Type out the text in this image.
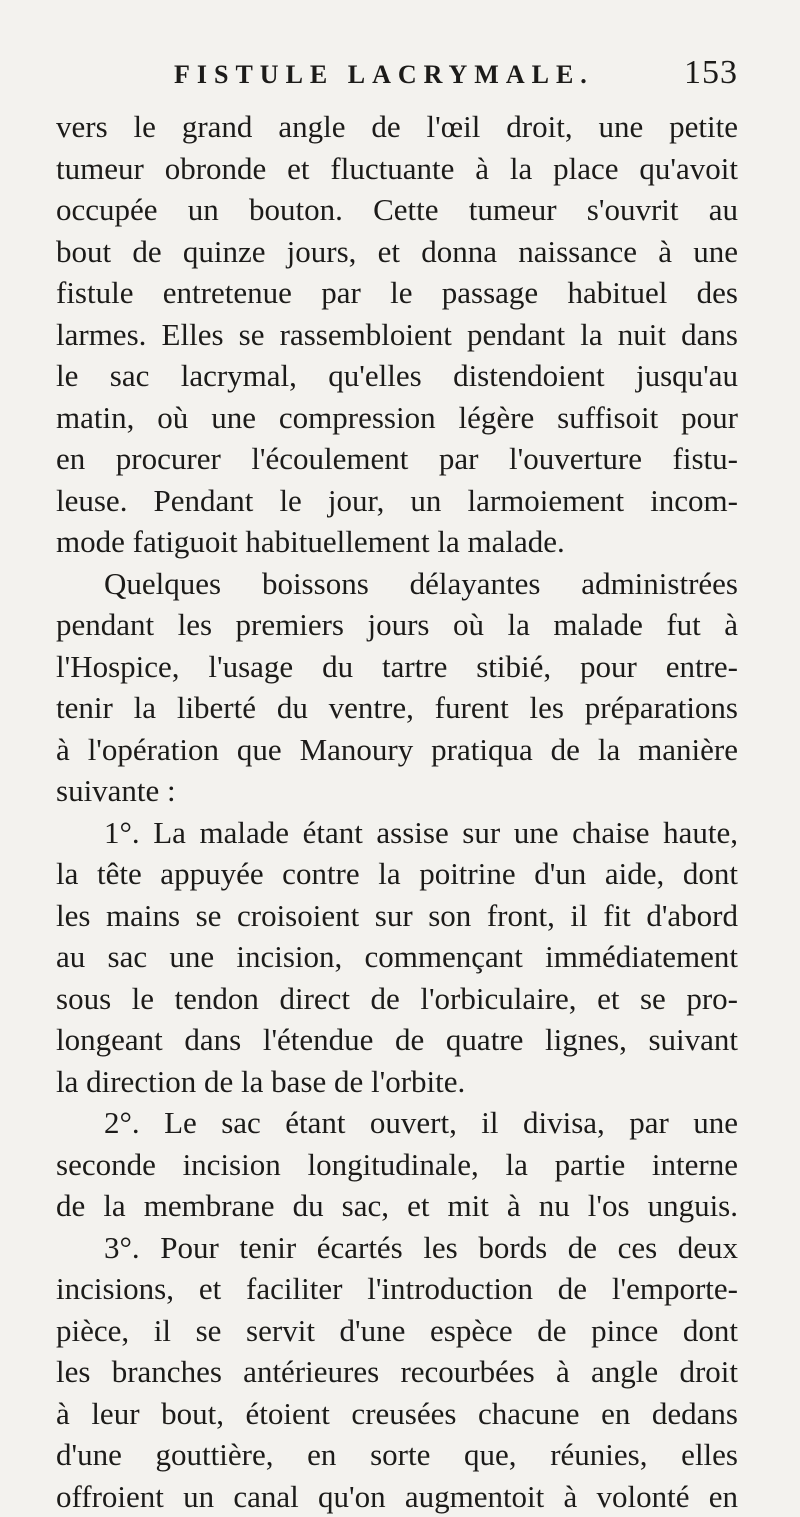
FISTULE LACRYMALE.	153
vers le grand angle de l'œil droit, une petite
tumeur obronde et fluctuante à la place qu'avoit
occupée un bouton. Cette tumeur s'ouvrit au
bout de quinze jours, et donna naissance à une
fistule entretenue par le passage habituel des
larmes. Elles se rassembloient pendant la nuit dans
le sac lacrymal, qu'elles distendoient jusqu'au
matin, où une compression légère suffisoit pour
en procurer l'écoulement par l'ouverture fistu-
leuse. Pendant le jour, un larmoiement incom-
mode fatiguoit habituellement la malade.
Quelques boissons délayantes administrées
pendant les premiers jours où la malade fut à
l'Hospice, l'usage du tartre stibié, pour entre-
tenir la liberté du ventre, furent les préparations
à l'opération que Manoury pratiqua de la manière
suivante :
1°. La malade étant assise sur une chaise haute,
la tête appuyée contre la poitrine d'un aide, dont
les mains se croisoient sur son front, il fit d'abord
au sac une incision, commençant immédiatement
sous le tendon direct de l'orbiculaire, et se pro-
longeant dans l'étendue de quatre lignes, suivant
la direction de la base de l'orbite.
2°. Le sac étant ouvert, il divisa, par une
seconde incision longitudinale, la partie interne
de la membrane du sac, et mit à nu l'os unguis.
3°. Pour tenir écartés les bords de ces deux
incisions, et faciliter l'introduction de l'emporte-
pièce, il se servit d'une espèce de pince dont
les branches antérieures recourbées à angle droit
à leur bout, étoient creusées chacune en dedans
d'une gouttière, en sorte que, réunies, elles
offroient un canal qu'on augmentoit à volonté en
